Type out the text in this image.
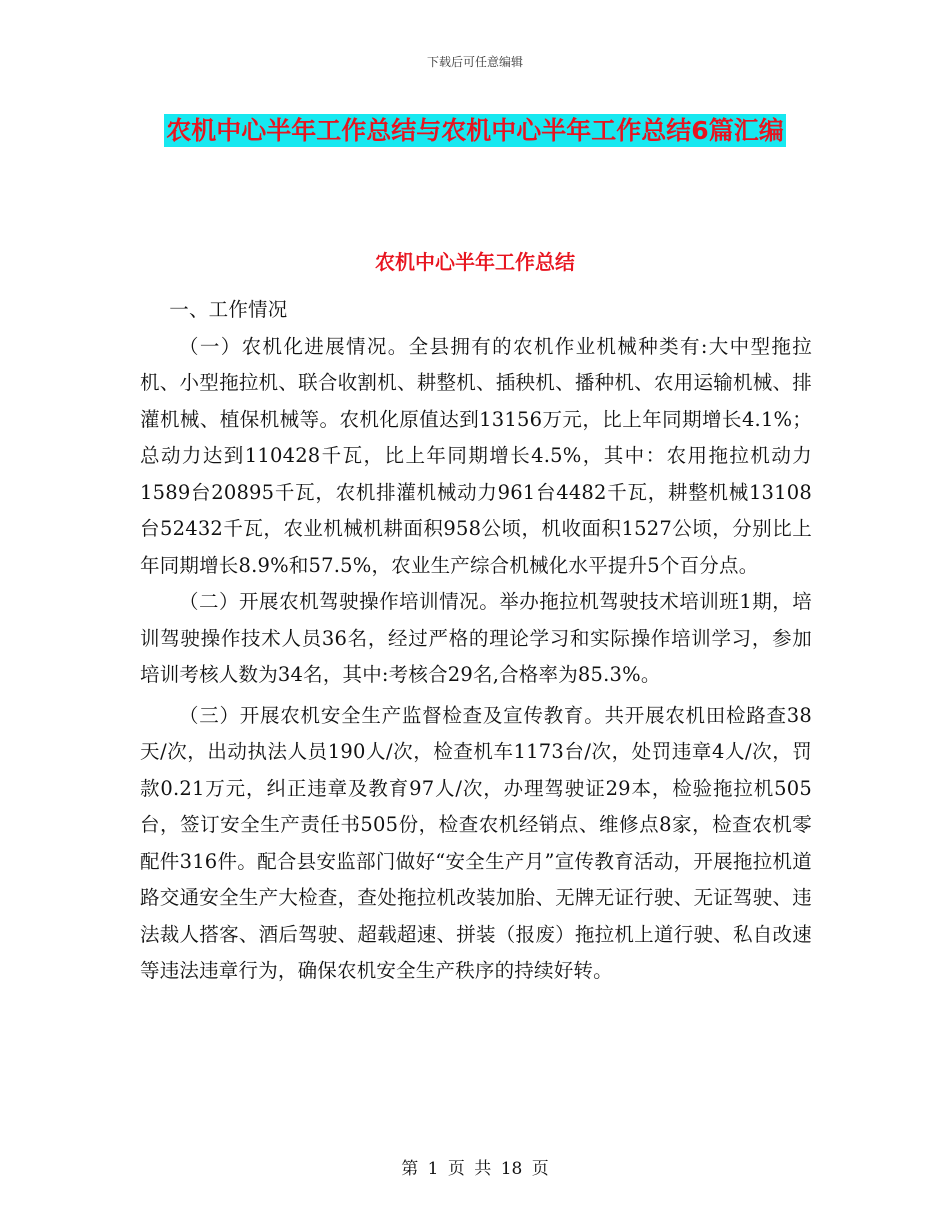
下载后可任意编辑
农机中心半年工作总结与农机中心半年工作总结6篇汇编
农机中心半年工作总结

一、工作情况

（一）农机化进展情况。全县拥有的农机作业机械种类有:大中型拖拉机、小型拖拉机、联合收割机、耕整机、插秧机、播种机、农用运输机械、排灌机械、植保机械等。农机化原值达到13156万元，比上年同期增长4.1%；总动力达到110428千瓦，比上年同期增长4.5%，其中：农用拖拉机动力1589台20895千瓦，农机排灌机械动力961台4482千瓦，耕整机械13108台52432千瓦，农业机械机耕面积958公顷，机收面积1527公顷，分别比上年同期增长8.9%和57.5%，农业生产综合机械化水平提升5个百分点。

（二）开展农机驾驶操作培训情况。举办拖拉机驾驶技术培训班1期，培训驾驶操作技术人员36名，经过严格的理论学习和实际操作培训学习，参加培训考核人数为34名，其中:考核合29名,合格率为85.3%。

（三）开展农机安全生产监督检查及宣传教育。共开展农机田检路查38天/次，出动执法人员190人/次，检查机车1173台/次，处罚违章4人/次，罚款0.21万元，纠正违章及教育97人/次，办理驾驶证29本，检验拖拉机505台，签订安全生产责任书505份，检查农机经销点、维修点8家，检查农机零配件316件。配合县安监部门做好“安全生产月”宣传教育活动，开展拖拉机道路交通安全生产大检查，查处拖拉机改装加胎、无牌无证行驶、无证驾驶、违法裁人搭客、酒后驾驶、超载超速、拼装（报废）拖拉机上道行驶、私自改速等违法违章行为，确保农机安全生产秩序的持续好转。

第 1 页 共 18 页
